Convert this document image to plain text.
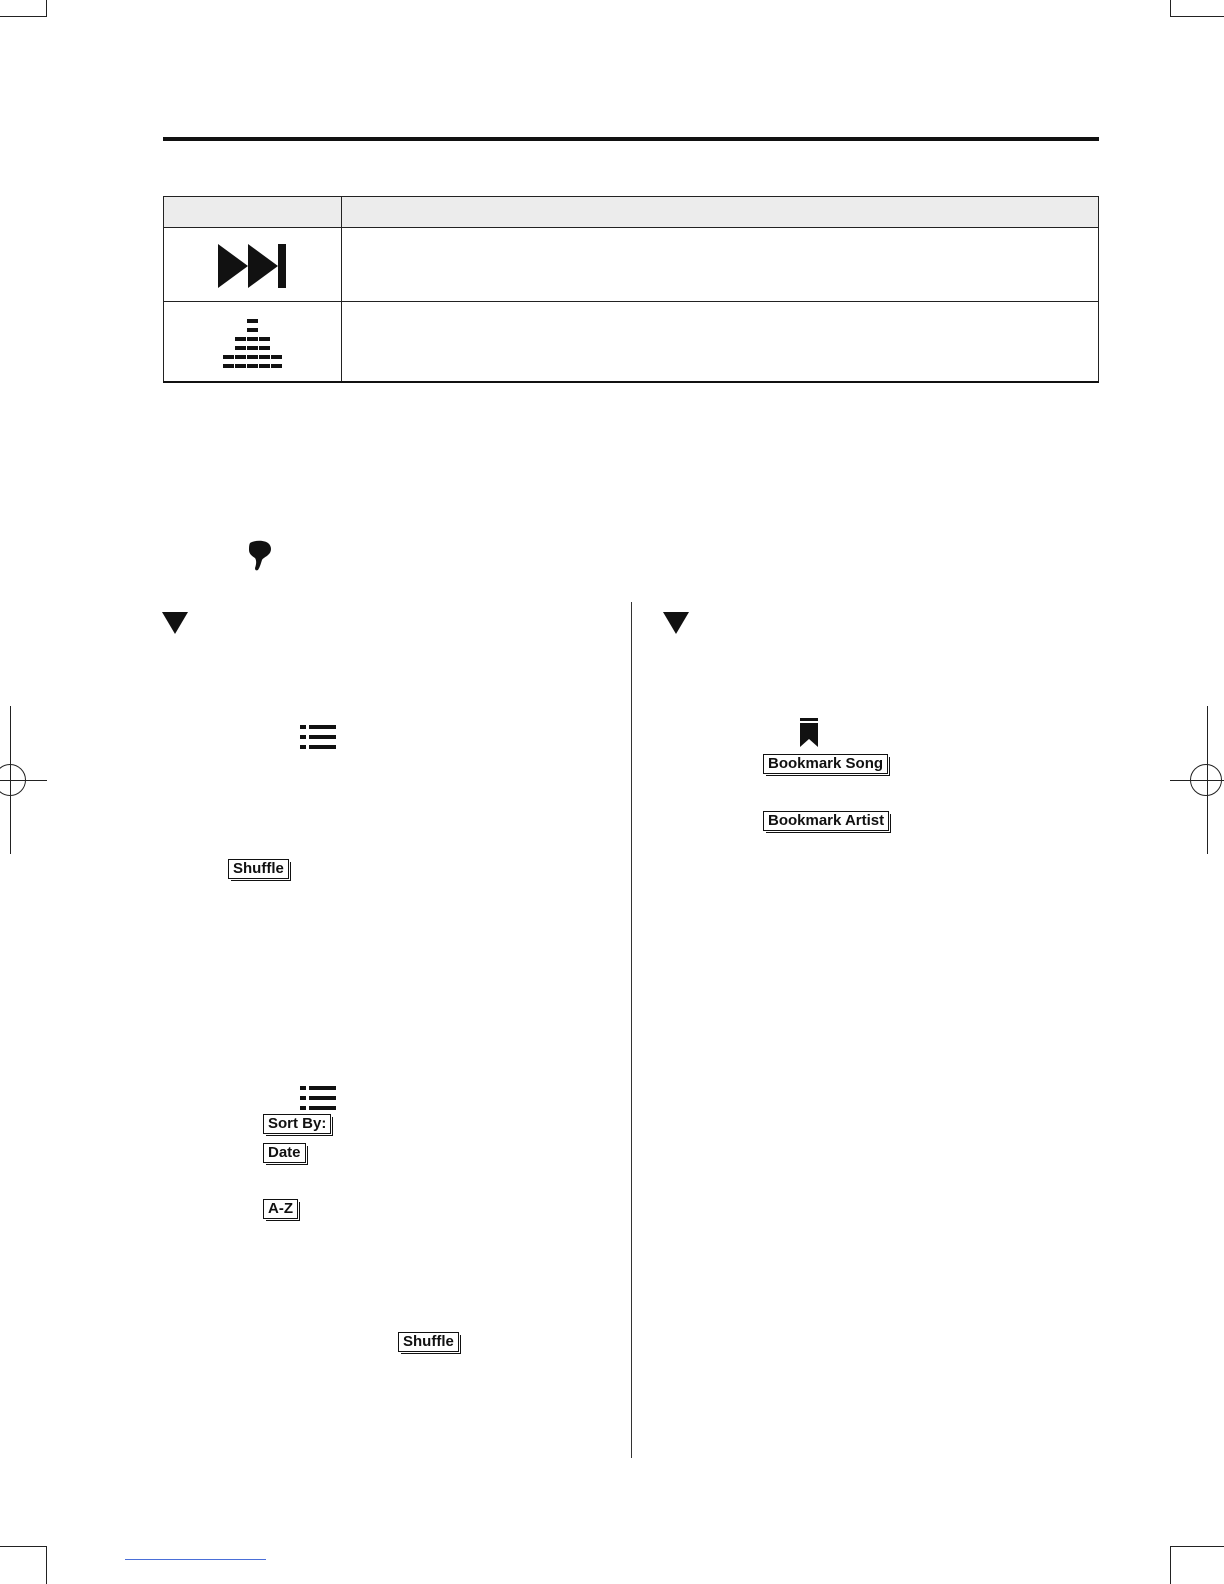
Shuffle
Sort By:
Date
A-Z
Shuffle
Bookmark Song
Bookmark Artist
